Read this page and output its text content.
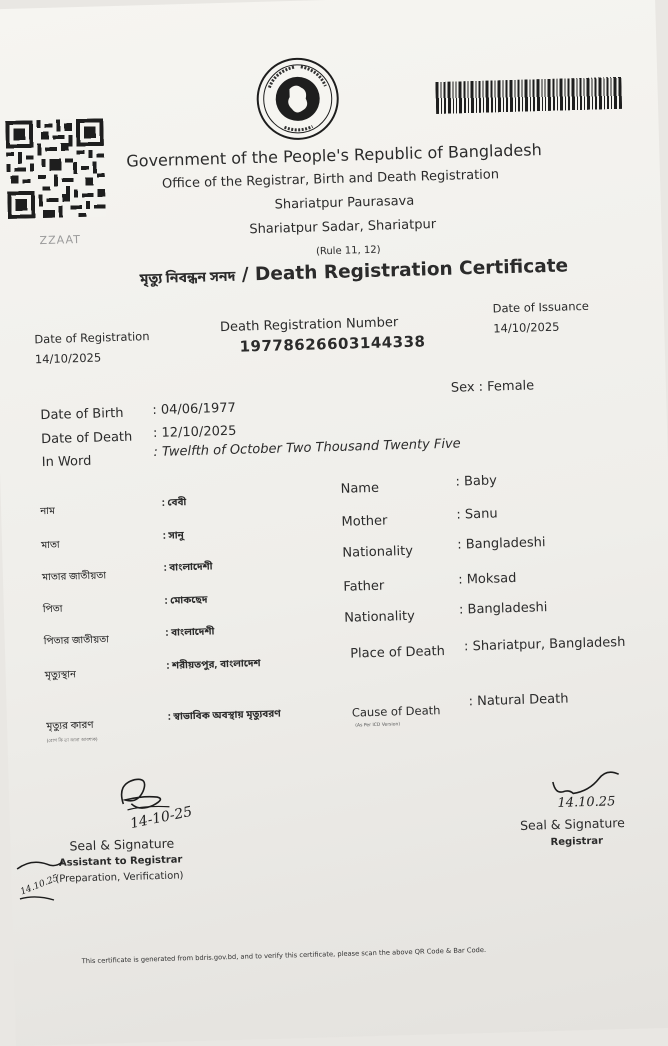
ZZAAT
Government of the People's Republic of Bangladesh
Office of the Registrar, Birth and Death Registration
Shariatpur Paurasava
Shariatpur Sadar, Shariatpur
(Rule 11, 12)
মৃত্যু নিবন্ধন সনদ / Death Registration Certificate
Date of Registration
14/10/2025
Death Registration Number
19778626603144338
Date of Issuance
14/10/2025
Date of Birth : 04/06/1977
Date of Death : 12/10/2025
In Word
: Twelfth of October Two Thousand Twenty Five
Sex : Female
নাম
: বেবী
মাতা
: সানু
মাতার জাতীয়তা
: বাংলাদেশী
পিতা
: মোকছেদ
পিতার জাতীয়তা
: বাংলাদেশী
মৃত্যুস্থান
: শরীয়তপুর, বাংলাদেশ
মৃত্যুর কারণ
: স্বাভাবিক অবস্থায় মৃত্যুবরণ
(রোগ কি তা জানা আবশ্যক)
Name	: Baby
Mother	: Sanu
Nationality	: Bangladeshi
Father	: Moksad
Nationality	: Bangladeshi
Place of Death : Shariatpur, Bangladesh
Cause of Death
: Natural Death
(As Per ICD Version)
14-10-25
Seal & Signature
Assistant to Registrar
(Preparation, Verification)
14.10.25
14.10.25
Seal & Signature
Registrar
This certificate is generated from bdris.gov.bd, and to verify this certificate, please scan the above QR Code & Bar Code.
